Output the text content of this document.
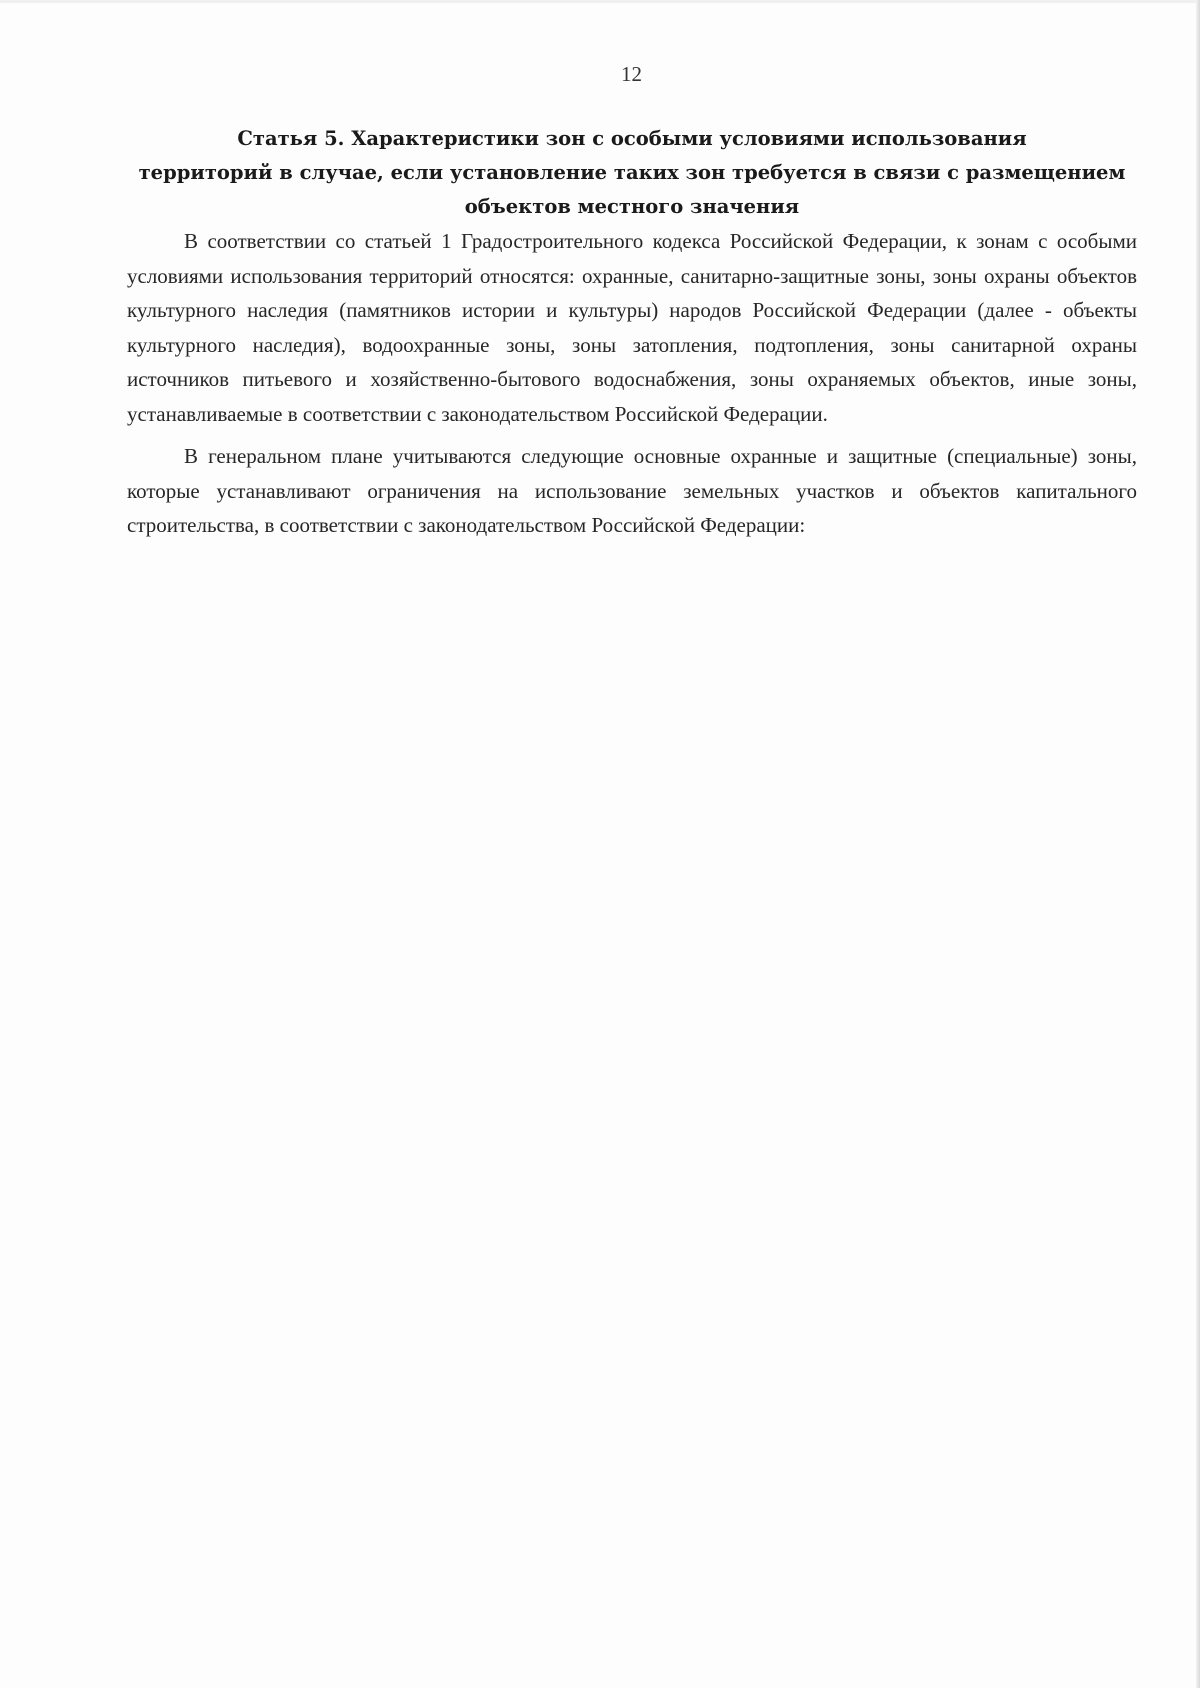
12
Статья 5. Характеристики зон с особыми условиями использования
территорий в случае, если установление таких зон требуется в связи с размещением
объектов местного значения

В соответствии со статьей 1 Градостроительного кодекса Российской Федерации, к зонам с особыми условиями использования территорий относятся: охранные, санитарно-защитные зоны, зоны охраны объектов культурного наследия (памятников истории и культуры) народов Российской Федерации (далее - объекты культурного наследия), водоохранные зоны, зоны затопления, подтопления, зоны санитарной охраны источников питьевого и хозяйственно-бытового водоснабжения, зоны охраняемых объектов, иные зоны, устанавливаемые в соответствии с законодательством Российской Федерации.

В генеральном плане учитываются следующие основные охранные и защитные (специальные) зоны, которые устанавливают ограничения на использование земельных участков и объектов капитального строительства, в соответствии с законодательством Российской Федерации:
